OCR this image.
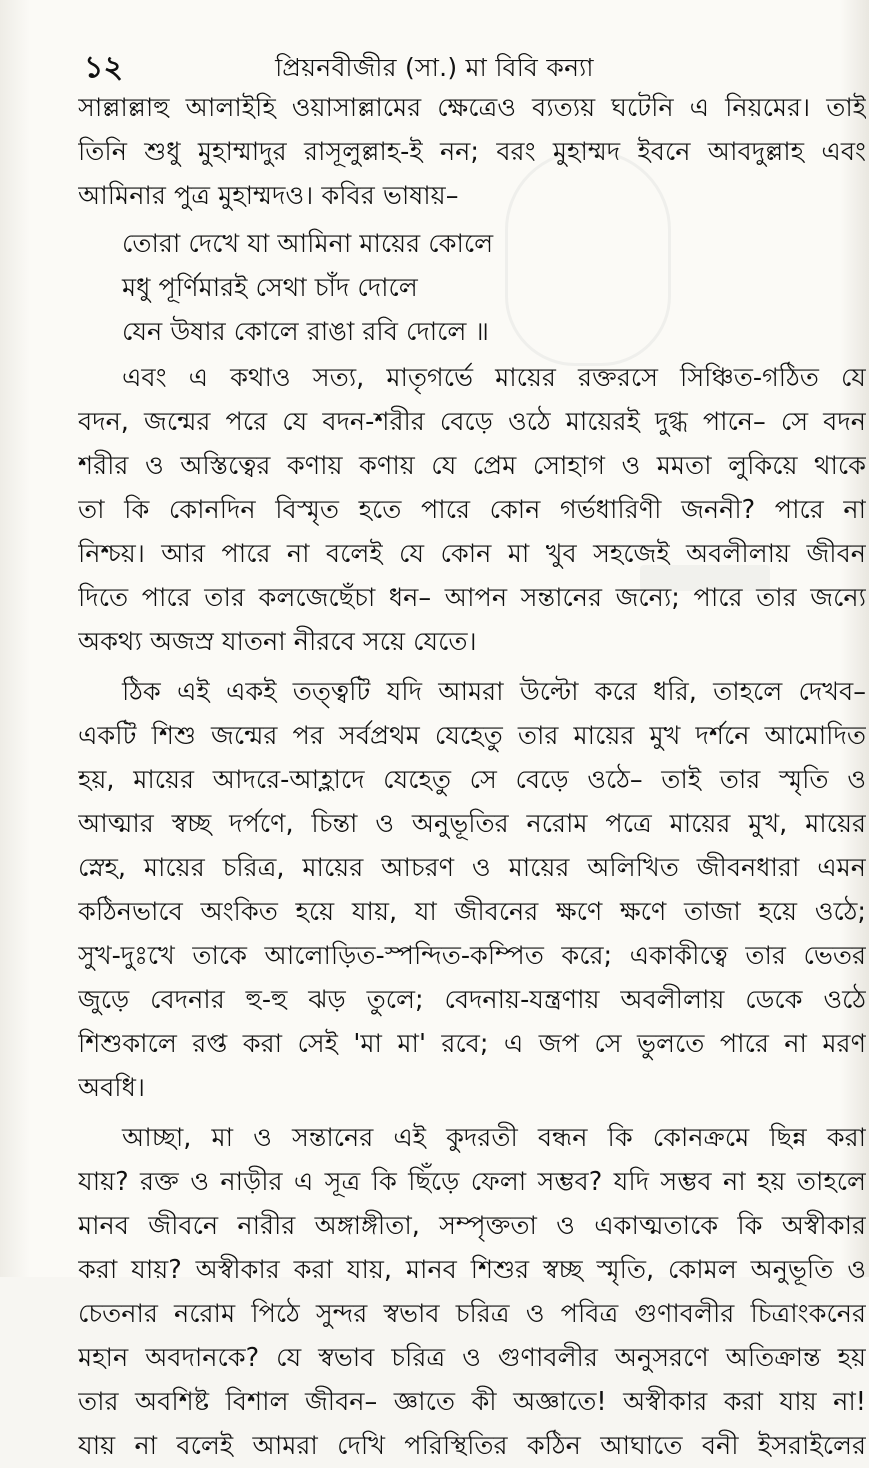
১২	প্রিয়নবীজীর (সা.) মা বিবি কন্যা
সাল্লাল্লাহু আলাইহি ওয়াসাল্লামের ক্ষেত্রেও ব্যত্যয় ঘটেনি এ নিয়মের। তাই
তিনি শুধু মুহাম্মাদুর রাসূলুল্লাহ-ই নন; বরং মুহাম্মদ ইবনে আবদুল্লাহ এবং
আমিনার পুত্র মুহাম্মদও। কবির ভাষায়–
তোরা দেখে যা আমিনা মায়ের কোলে
মধু পূর্ণিমারই সেথা চাঁদ দোলে
যেন উষার কোলে রাঙা রবি দোলে ॥
এবং এ কথাও সত্য, মাতৃগর্ভে মায়ের রক্তরসে সিঞ্চিত-গঠিত যে
বদন, জন্মের পরে যে বদন-শরীর বেড়ে ওঠে মায়েরই দুগ্ধ পানে– সে বদন
শরীর ও অস্তিত্বের কণায় কণায় যে প্রেম সোহাগ ও মমতা লুকিয়ে থাকে
তা কি কোনদিন বিস্মৃত হতে পারে কোন গর্ভধারিণী জননী? পারে না
নিশ্চয়। আর পারে না বলেই যে কোন মা খুব সহজেই অবলীলায় জীবন
দিতে পারে তার কলজেছেঁচা ধন– আপন সন্তানের জন্যে; পারে তার জন্যে
অকথ্য অজস্র যাতনা নীরবে সয়ে যেতে।
ঠিক এই একই তত্ত্বটি যদি আমরা উল্টো করে ধরি, তাহলে দেখব–
একটি শিশু জন্মের পর সর্বপ্রথম যেহেতু তার মায়ের মুখ দর্শনে আমোদিত
হয়, মায়ের আদরে-আহ্লাদে যেহেতু সে বেড়ে ওঠে– তাই তার স্মৃতি ও
আত্মার স্বচ্ছ দর্পণে, চিন্তা ও অনুভূতির নরোম পত্রে মায়ের মুখ, মায়ের
স্নেহ, মায়ের চরিত্র, মায়ের আচরণ ও মায়ের অলিখিত জীবনধারা এমন
কঠিনভাবে অংকিত হয়ে যায়, যা জীবনের ক্ষণে ক্ষণে তাজা হয়ে ওঠে;
সুখ-দুঃখে তাকে আলোড়িত-স্পন্দিত-কম্পিত করে; একাকীত্বে তার ভেতর
জুড়ে বেদনার হু-হু ঝড় তুলে; বেদনায়-যন্ত্রণায় অবলীলায় ডেকে ওঠে
শিশুকালে রপ্ত করা সেই 'মা মা' রবে; এ জপ সে ভুলতে পারে না মরণ
অবধি।
আচ্ছা, মা ও সন্তানের এই কুদরতী বন্ধন কি কোনক্রমে ছিন্ন করা
যায়? রক্ত ও নাড়ীর এ সূত্র কি ছিঁড়ে ফেলা সম্ভব? যদি সম্ভব না হয় তাহলে
মানব জীবনে নারীর অঙ্গাঙ্গীতা, সম্পৃক্ততা ও একাত্মতাকে কি অস্বীকার
করা যায়? অস্বীকার করা যায়, মানব শিশুর স্বচ্ছ স্মৃতি, কোমল অনুভূতি ও
চেতনার নরোম পিঠে সুন্দর স্বভাব চরিত্র ও পবিত্র গুণাবলীর চিত্রাংকনের
মহান অবদানকে? যে স্বভাব চরিত্র ও গুণাবলীর অনুসরণে অতিক্রান্ত হয়
তার অবশিষ্ট বিশাল জীবন– জ্ঞাতে কী অজ্ঞাতে! অস্বীকার করা যায় না!
যায় না বলেই আমরা দেখি পরিস্থিতির কঠিন আঘাতে বনী ইসরাইলের
